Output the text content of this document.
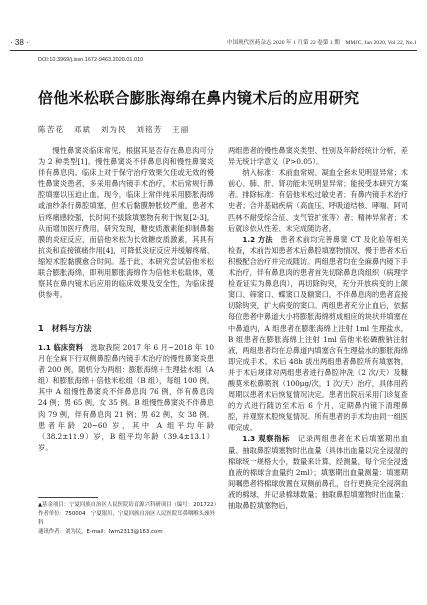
· 38 ·	中国现代医药杂志 2020 年 1 月第 22 卷第 1 期　MMJC, Jan 2020, Vol 22, No.1
DOI:10.3969/j.issn.1672-9463.2020.01.010
倍他米松联合膨胀海绵在鼻内镜术后的应用研究
陈苦花 邓斌 刘为民 刘铭芳 王丽

慢性鼻窦炎临床常见，根据其是否存在鼻息肉可分为 2 种类型[1]。慢性鼻窦炎不伴鼻息肉和慢性鼻窦炎伴有鼻息肉。临床上对于保守治疗效果欠佳或无效的慢性鼻窦炎患者，多采用鼻内镜手术治疗，术后常规行鼻腔填塞以压迫止血。现今，临床上常伴纯采用膨胀海绵或油纱条行鼻腔填塞，但术后黏膜肿胀较严重，患者术后疼痛感较强，长时间不拔除填塞物有利于恢复[2-3]，从而增加医疗费用。研究发现，糖皮质激素能抑制鼻黏膜的炎症反应，而倍他米松为长效糖皮质激素，其具有抗炎和直接镇痛作用[4]，可降低炎症反应并缓解疼痛、缩短术腔黏膜愈合时间。基于此，本研究尝试倍他米松联合膨胀海绵，即利用膨胀海绵作为倍他米松载体，观察其在鼻内镜术后应用的临床效果及安全性，为临床提供参考。

1　材料与方法

1.1 临床资料　 选取我院 2017 年 6 月~2018 年 10 月在全麻下行双侧鼻腔鼻内镜手术治疗的慢性鼻窦炎患者 200 例，随机分为两组：膨胀海绵＋生理盐水组（A 组）和膨胀海绵＋倍他米松组（B 组），每组 100 例。其中 A 组慢性鼻窦炎不伴鼻息肉 76 例，伴有鼻息肉 24 例；男 65 例，女 35 例。B 组慢性鼻窦炎不伴鼻息肉 79 例，伴有鼻息肉 21 例；男 62 例，女 38 例。患者年龄 20~60 岁，其中 A 组平均年龄（38.2±11.9）岁，B 组平均年龄（39.4±13.1）岁。

▲基金项目：宁夏回族自治区人民医院培育源兴科研项目（编号：201722）
作者单位：750004　宁夏银川，宁夏回族自治区人民医院耳鼻咽喉头颈外科
通讯作者：刘为民，E-mail：lwm2313@163.com

两组患者的慢性鼻窦炎类型、性别及年龄经统计分析，差异无统计学意义（P>0.05）。

纳入标准：术前血常规、凝血全套未见明显异常；术前心、肺、肝、肾功能未见明显异常；能接受本研究方案者。排除标准：有倍他米松过敏史者；有鼻内镜手术治疗史者；合并基础疾病（高血压、呼吸道结核、哮喘、阿司匹林不耐受综合征、支气管扩张等）者；精神异常者；术后就诊依从性差、未完成随访者。

1.2 方法　 患者术前均完善鼻窦 CT 及化验等相关检查，术前告知患者术后鼻腔填塞物情况，慢于患者术后积极配合治疗并完成随访。两组患者均在全麻鼻内镜下手术治疗，伴有鼻息肉的患者首先切除鼻息肉组织（病理学检查证实为鼻息肉），再切除钩突，充分开放病变的上颌窦口、筛窦口、蝶窦口及额窦口。不伴鼻息肉的患者直接切除钩突，扩大病变的窦口。两组患者充分止血后，依据每位患者中鼻道大小将膨胀海绵剪成相应的块状并填塞在中鼻道内，A 组患者在膨胀海绵上注射 1ml 生理盐水，B 组患者在膨胀海绵上注射 1ml 倍他米松磷酸钠注射液，两组患者均在总鼻道内填塞含有生理盐水的膨胀海绵即完成手术。术后 48h 拔出两组患者鼻腔所有填塞物，并于术后规律对两组患者进行鼻腔冲洗（2 次/天）及糠酸莫米松鼻喷剂（100μg/次，1 次/天）治疗，具体用药周期以患者术后恢复情况决定。患者出院后采用门诊复查的方式进行随访至术后 6 个月，定期鼻内镜下清理鼻腔，并观察术腔恢复情况。所有患者的手术均由同一组医师完成。

1.3 观察指标　 记录两组患者在术后填塞期出血量、抽取鼻腔填塞物时出血量（具体出血量以完全浸湿的棉球统一规格大小，数量来计算，经测量，每个完全浸透血液的棉球含血量约 2ml）；填塞期出血量测量：填塞期间嘱患者将棉球放置在双侧前鼻孔，自行更换完全浸润血液的棉球，并记录棉球数量；抽取鼻腔填塞物时出血量：抽取鼻腔填塞物后，
